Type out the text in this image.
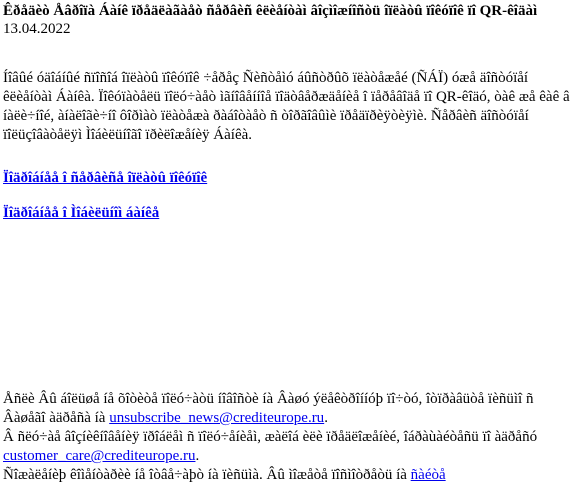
Êðåäèò Åâðîïà Áàíê ïðåäëàãàåò ñåðâèñ êëèåíòàì âîçìîæíîñòü îïëàòû ïîêóïîê ïî QR-êîäàì
13.04.2022
Íîâûé óäîáíûé ñïîñîá îïëàòû ïîêóïîê ÷åðåç Ñèñòåìó áûñòðûõ ïëàòåæåé (ÑÁÏ) óæå äîñòóïåí êëèåíòàì Áàíêà. Ïîêóïàòåëü ïîëó÷àåò ìãíîâåííîå ïîäòâåðæäåíèå î ïåðåâîäå ïî QR-êîäó, òàê æå êàê â íàëè÷íîé, àíàëîãè÷íî ôîðìàò ïëàòåæà ðàáîòàåò ñ òîðãîâûìè ïðåäïðèÿòèÿìè. Ñåðâèñ äîñòóïåí ïîëüçîâàòåëÿì Ìîáèëüíîãî ïðèëîæåíèÿ Áàíêà.
Ïîäðîáíåå î ñåðâèñå îïëàòû ïîêóïîê
Ïîäðîáíåå î Ìîáèëüíîì áàíêå
Åñëè Âû áîëüøå íå õîòèòå ïîëó÷àòü íîâîñòè íà Âàøó ýëåêòðîííóþ ïî÷òó, îòïðàâüòå ïèñüìî ñ Âàøåãî àäðåñà íà unsubscribe_news@crediteurope.ru.
Â ñëó÷àå âîçíèêíîâåíèÿ ïðîáëåì ñ ïîëó÷åíèåì, æàëîá èëè ïðåäëîæåíèé, îáðàùàéòåñü ïî àäðåñó customer_care@crediteurope.ru.
Ñîæàëåíèþ êîìåíòàðèè íå îòâå÷àþò íà ïèñüìà. Âû ìîæåòå ïîñìîòðåòü íà ñàéòå
